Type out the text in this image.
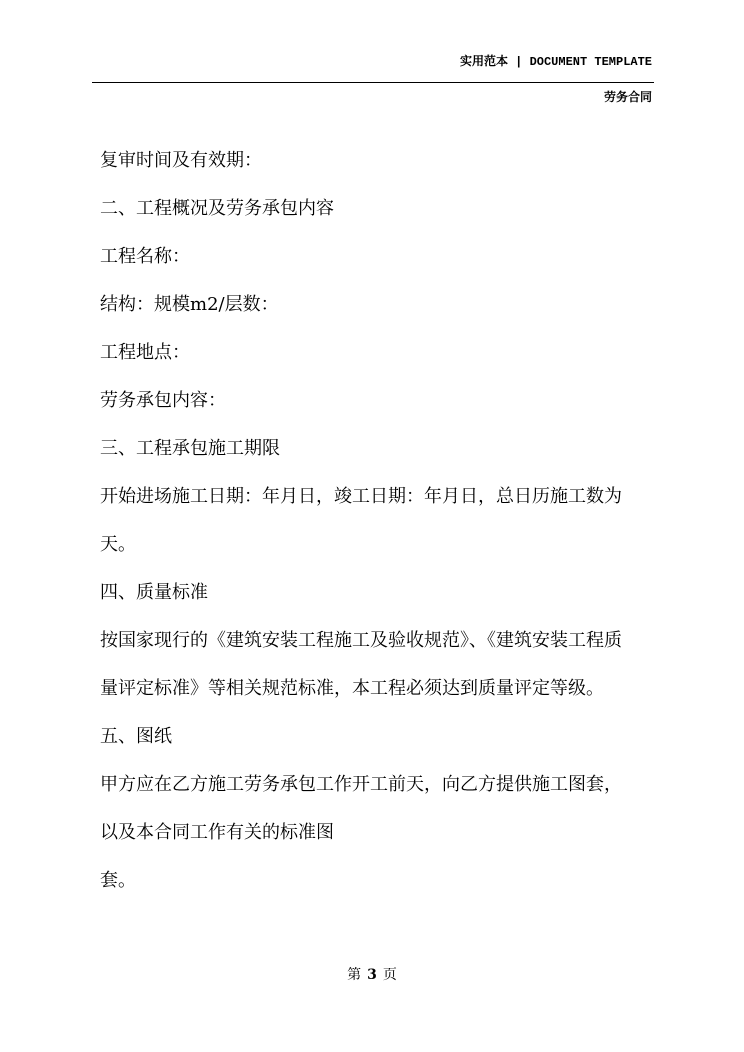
实用范本 | DOCUMENT TEMPLATE
劳务合同

复审时间及有效期：

二、工程概况及劳务承包内容

工程名称：

结构：规模m2/层数：

工程地点：

劳务承包内容：

三、工程承包施工期限

开始进场施工日期：年月日，竣工日期：年月日，总日历施工数为

天。

四、质量标准

按国家现行的《建筑安装工程施工及验收规范》、《建筑安装工程质

量评定标准》等相关规范标准，本工程必须达到质量评定等级。

五、图纸

甲方应在乙方施工劳务承包工作开工前天，向乙方提供施工图套，

以及本合同工作有关的标准图

套。

第 3 页
